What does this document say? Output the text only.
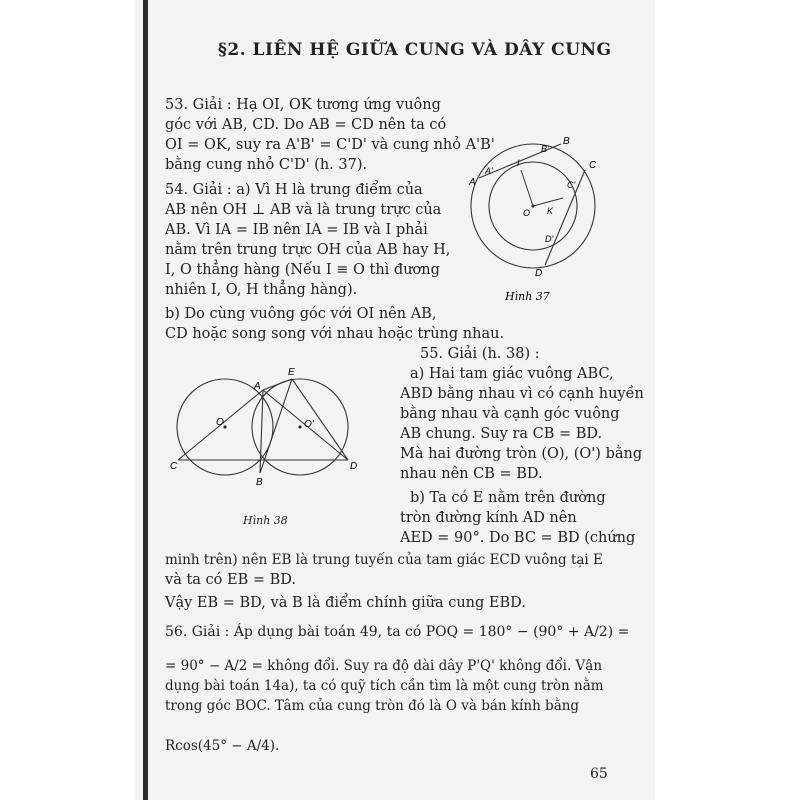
§2. LIÊN HỆ GIỮA CUNG VÀ DÂY CUNG
53. Giải : Hạ OI, OK tương ứng vuông
góc với AB, CD. Do AB = CD nên ta có
OI = OK, suy ra A'B' = C'D' và cung nhỏ A'B'
bằng cung nhỏ C'D' (h. 37).
54. Giải : a) Vì H là trung điểm của
AB nên OH ⊥ AB và là trung trực của
AB. Vì IA = IB nên IA = IB và I phải
nằm trên trung trực OH của AB hay H,
I, O thẳng hàng (Nếu I ≡ O thì đương
nhiên I, O, H thẳng hàng).
b) Do cùng vuông góc với OI nên AB,
CD hoặc song song với nhau hoặc trùng nhau.
A
A'
B'
B
I
O
C'
C
K
D'
D
Hình 37
E
A
O	O'
C
B
D
Hình 38
55. Giải (h. 38) :
a) Hai tam giác vuông ABC,
ABD bằng nhau vì có cạnh huyền
bằng nhau và cạnh góc vuông
AB chung. Suy ra CB = BD.
Mà hai đường tròn (O), (O') bằng
nhau nên CB = BD.
b) Ta có E nằm trên đường
tròn đường kính AD nên
AED = 90°. Do BC = BD (chứng
minh trên) nên EB là trung tuyến của tam giác ECD vuông tại E
và ta có EB = BD.
Vậy EB = BD, và B là điểm chính giữa cung EBD.
56. Giải : Áp dụng bài toán 49, ta có POQ = 180° − (90° + A/2) =
= 90° − A/2 = không đổi. Suy ra độ dài dây P'Q' không đổi. Vận
dụng bài toán 14a), ta có quỹ tích cần tìm là một cung tròn nằm
trong góc BOC. Tâm của cung tròn đó là O và bán kính bằng
Rcos(45° − A/4).
65
